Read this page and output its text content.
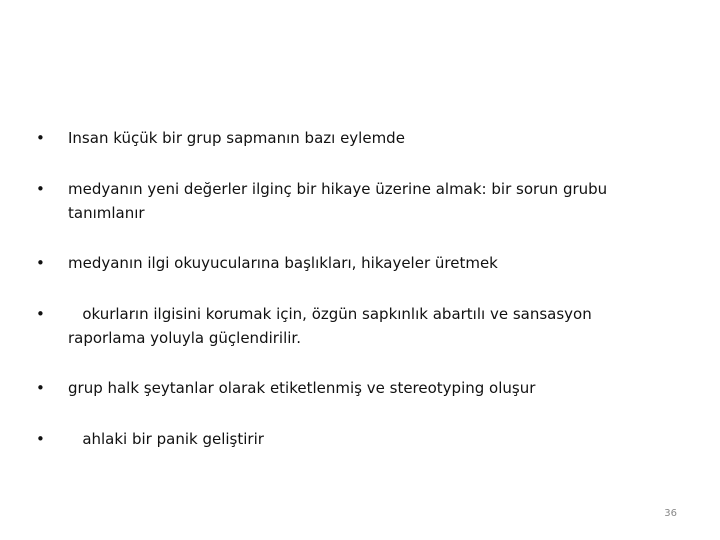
•	Insan küçük bir grup sapmanın bazı eylemde
•	medyanın yeni değerler ilginç bir hikaye üzerine almak: bir sorun grubu tanımlanır
•	medyanın ilgi okuyucularına başlıkları, hikayeler üretmek
•	okurların ilgisini korumak için, özgün sapkınlık abartılı ve sansasyon raporlama yoluyla güçlendirilir.
•	grup halk şeytanlar olarak etiketlenmiş ve stereotyping oluşur
•	ahlaki bir panik geliştirir
36
